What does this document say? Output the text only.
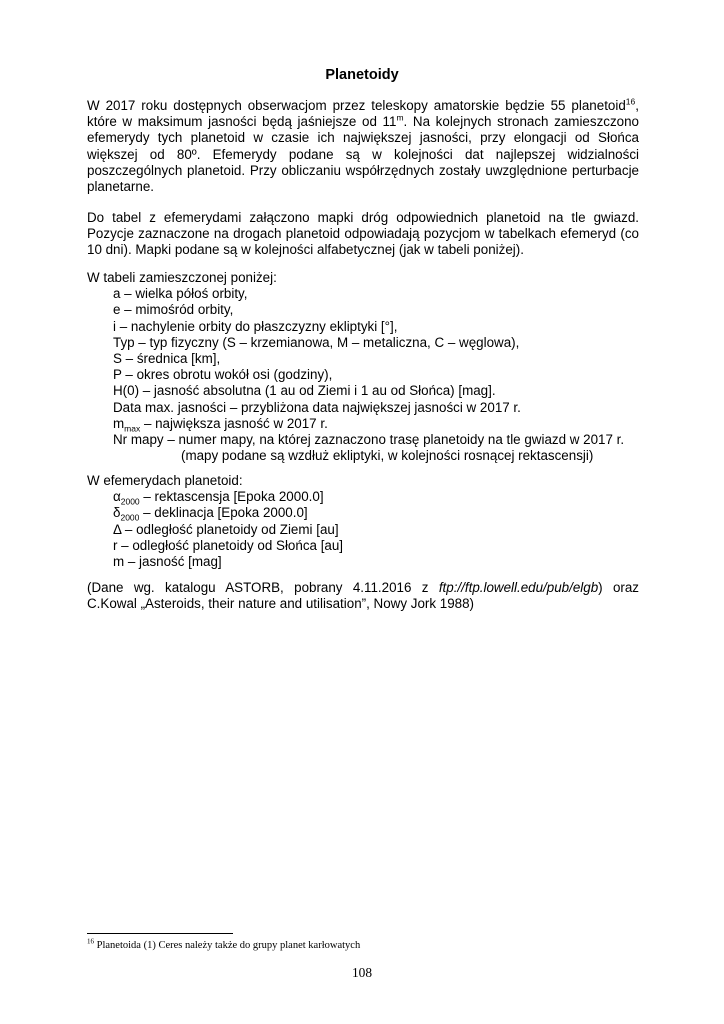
Planetoidy
W 2017 roku dostępnych obserwacjom przez teleskopy amatorskie będzie 55 planetoid$^{16}$, które w maksimum jasności będą jaśniejsze od 11$^m$. Na kolejnych stronach zamieszczono efemerydy tych planetoid w czasie ich największej jasności, przy elongacji od Słońca większej od 80º. Efemerydy podane są w kolejności dat najlepszej widzialności poszczególnych planetoid. Przy obliczaniu współrzędnych zostały uwzględnione perturbacje planetarne.
Do tabel z efemerydami załączono mapki dróg odpowiednich planetoid na tle gwiazd. Pozycje zaznaczone na drogach planetoid odpowiadają pozycjom w tabelkach efemeryd (co 10 dni). Mapki podane są w kolejności alfabetycznej (jak w tabeli poniżej).
W tabeli zamieszczonej poniżej:
a – wielka półoś orbity,
e – mimośród orbity,
i – nachylenie orbity do płaszczyzny ekliptyki [°],
Typ – typ fizyczny (S – krzemianowa, M – metaliczna, C – węglowa),
S – średnica [km],
P – okres obrotu wokół osi (godziny),
H(0) – jasność absolutna (1 au od Ziemi i 1 au od Słońca) [mag].
Data max. jasności – przybliżona data największej jasności w 2017 r.
$m_{max}$ – największa jasność w 2017 r.
Nr mapy – numer mapy, na której zaznaczono trasę planetoidy na tle gwiazd w 2017 r.
(mapy podane są wzdłuż ekliptyki, w kolejności rosnącej rektascensji)
W efemerydach planetoid:
$\alpha_{2000}$ – rektascensja [Epoka 2000.0]
$\delta_{2000}$ – deklinacja [Epoka 2000.0]
Δ – odległość planetoidy od Ziemi [au]
r – odległość planetoidy od Słońca [au]
m – jasność [mag]
(Dane wg. katalogu ASTORB, pobrany 4.11.2016 z ftp://ftp.lowell.edu/pub/elgb) oraz C.Kowal „Asteroids, their nature and utilisation”, Nowy Jork 1988)
$^{16}$ Planetoida (1) Ceres należy także do grupy planet karłowatych
108
